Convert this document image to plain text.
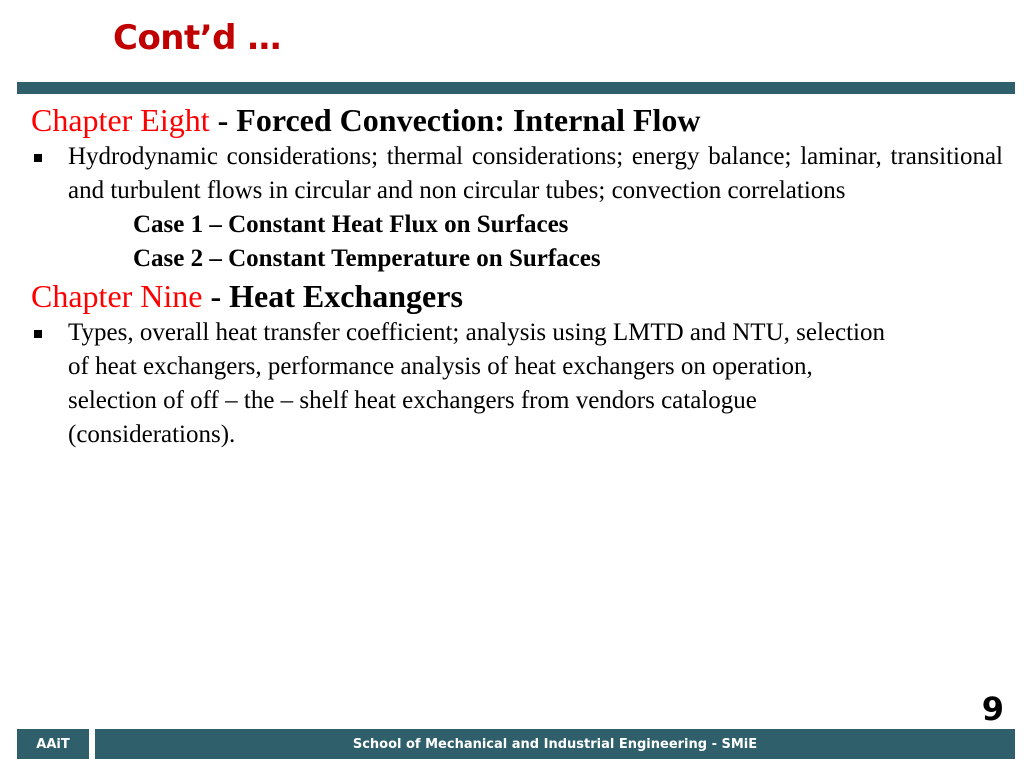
Cont’d …
Chapter Eight - Forced Convection: Internal Flow
Hydrodynamic considerations; thermal considerations; energy balance; laminar, transitional and turbulent flows in circular and non circular tubes; convection correlations
Case 1 – Constant Heat Flux on Surfaces
Case 2 – Constant Temperature on Surfaces
Chapter Nine - Heat Exchangers
Types, overall heat transfer coefficient; analysis using LMTD and NTU, selection
of heat exchangers, performance analysis of heat exchangers on operation,
selection of off – the – shelf heat exchangers from vendors catalogue
(considerations).
9
AAiT	School of Mechanical and Industrial Engineering - SMiE
